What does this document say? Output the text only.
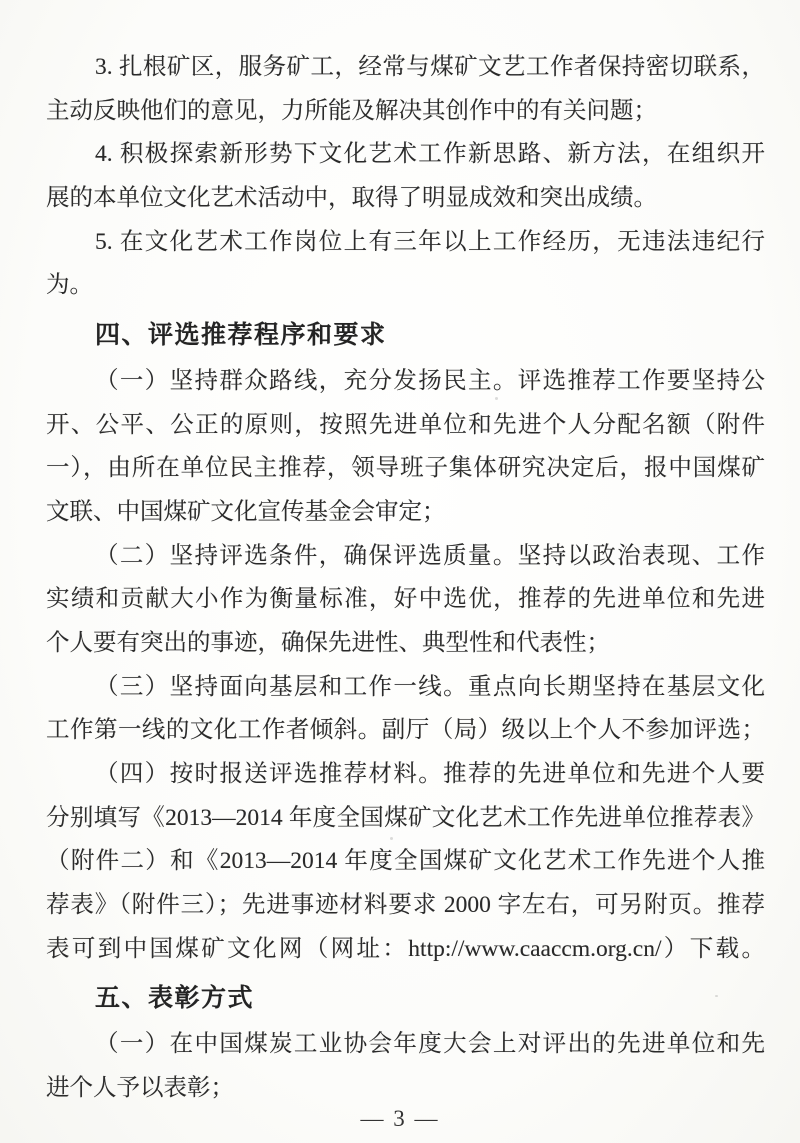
3. 扎根矿区，服务矿工，经常与煤矿文艺工作者保持密切联系，
主动反映他们的意见，力所能及解决其创作中的有关问题；
4. 积极探索新形势下文化艺术工作新思路、新方法，在组织开
展的本单位文化艺术活动中，取得了明显成效和突出成绩。
5. 在文化艺术工作岗位上有三年以上工作经历，无违法违纪行
为。
四、评选推荐程序和要求
（一）坚持群众路线，充分发扬民主。评选推荐工作要坚持公
开、公平、公正的原则，按照先进单位和先进个人分配名额（附件
一），由所在单位民主推荐，领导班子集体研究决定后，报中国煤矿
文联、中国煤矿文化宣传基金会审定；
（二）坚持评选条件，确保评选质量。坚持以政治表现、工作
实绩和贡献大小作为衡量标准，好中选优，推荐的先进单位和先进
个人要有突出的事迹，确保先进性、典型性和代表性；
（三）坚持面向基层和工作一线。重点向长期坚持在基层文化
工作第一线的文化工作者倾斜。副厅（局）级以上个人不参加评选；
（四）按时报送评选推荐材料。推荐的先进单位和先进个人要
分别填写《2013—2014 年度全国煤矿文化艺术工作先进单位推荐表》
（附件二）和《2013—2014 年度全国煤矿文化艺术工作先进个人推
荐表》（附件三）；先进事迹材料要求 2000 字左右，可另附页。推荐
表可到中国煤矿文化网（网址：http://www.caaccm.org.cn/）下载。
五、表彰方式
（一）在中国煤炭工业协会年度大会上对评出的先进单位和先
进个人予以表彰；
— 3 —
